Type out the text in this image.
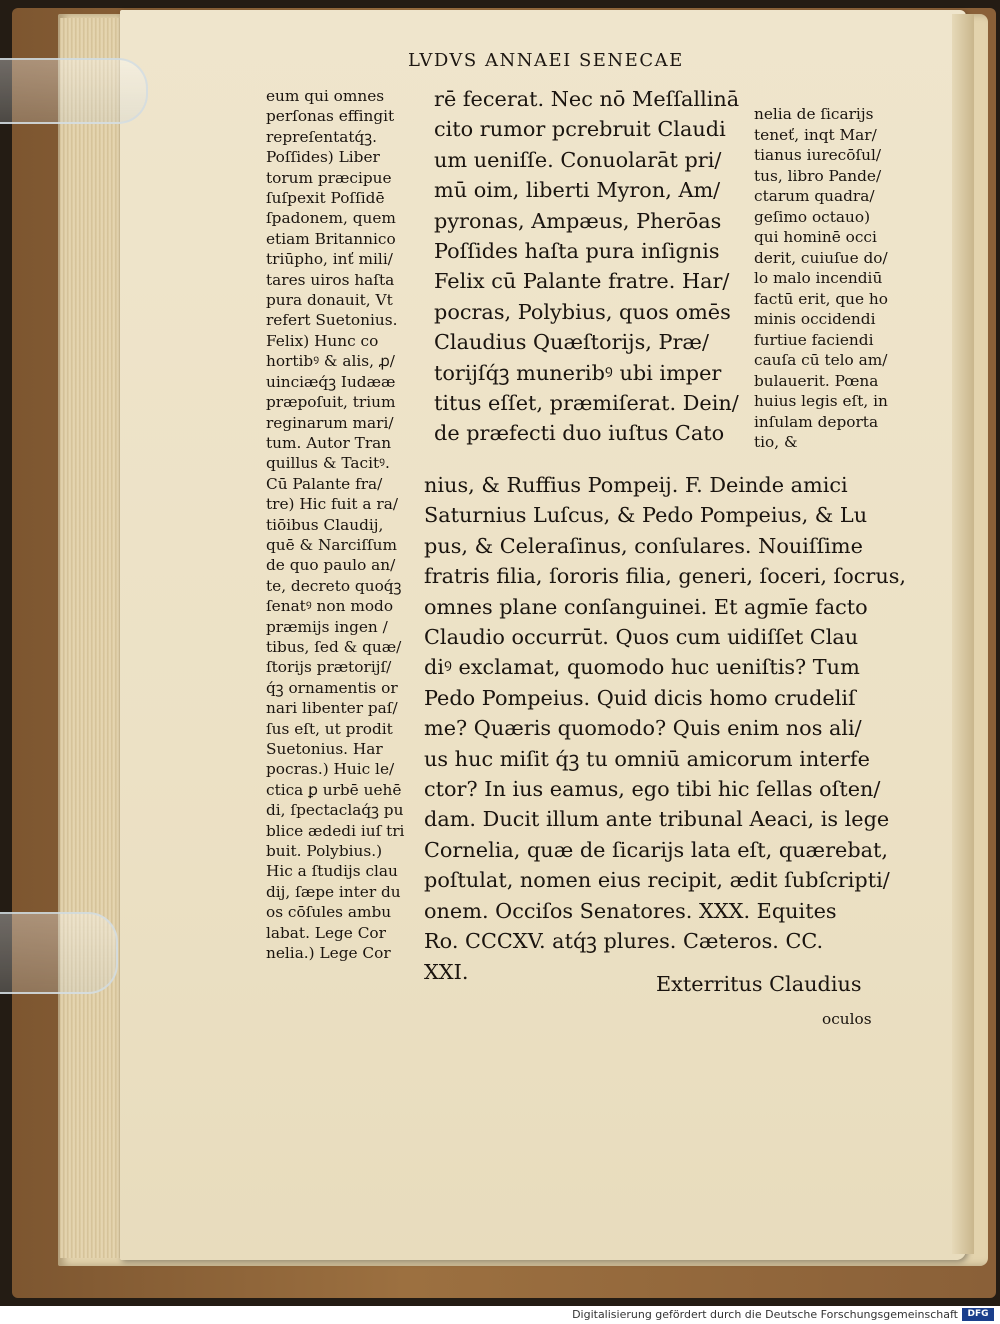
LVDVS ANNAEI SENECAE
eum qui omnes
perſonas effingit
repreſentatq́ꝫ.
Poſſides) Liber
torum præcipue
ſuſpexit Poſſidē
ſpadonem, quem
etiam Britannico
triūpho, inť mili/
tares uiros haſta
pura donauit, Vt
refert Suetonius.
Felix) Hunc co
hortibꝰ & alis, ꝓ/
uinciæq́ꝫ Iudææ
præpoſuit, trium
reginarum mari/
tum. Autor Tran
quillus & Tacitꝰ.
Cū Palante fra/
tre) Hic fuit a ra/
tiōibus Claudij,
quē & Narciſſum
de quo paulo an/
te, decreto quoq́ꝫ
ſenatꝰ non modo
præmijs ingen /
tibus, ſed & quæ/
ſtorijs prætorijſ/
q́ꝫ ornamentis or
nari libenter paſ/
ſus eſt, ut prodit
Suetonius. Har
pocras.) Huic le/
ctica ꝑ urbē uehē
di, ſpectaclaq́ꝫ pu
blice ædedi iuſ tri
buit. Polybius.)
Hic a ſtudijs clau
dij, ſæpe inter du
os cōſules ambu
labat. Lege Cor
nelia.) Lege Cor
rē fecerat. Nec nō Meſſallinā
cito rumor pcrebruit Claudi
um ueniſſe. Conuolarāt pri/
mū oim, liberti Myron, Am/
pyronas, Ampæus, Pherōas
Poſſides haſta pura inſignis
Felix cū Palante fratre. Har/
pocras, Polybius, quos omēs
Claudius Quæſtorijs, Præ/
torijſq́ꝫ muneribꝰ ubi imper
titus eſſet, præmiſerat. Dein/
de præfecti duo iuſtus Cato
nelia de ſicarijs
teneť, inqt Mar/
tianus iurecōſul/
tus, libro Pande/
ctarum quadra/
geſimo octauo)
qui hominē occi
derit, cuiuſue do/
lo malo incendiū
factū erit, que ho
minis occidendi
furtiue faciendi
cauſa cū telo am/
bulauerit. Pœna
huius legis eſt, in
inſulam deporta
tio, &
nius, & Ruffius Pompeij. F. Deinde amici
Saturnius Luſcus, & Pedo Pompeius, & Lu
pus, & Celeraſinus, conſulares. Nouiſſime
fratris filia, ſororis filia, generi, ſoceri, ſocrus,
omnes plane conſanguinei. Et agmīe facto
Claudio occurrūt. Quos cum uidiſſet Clau
diꝰ exclamat, quomodo huc ueniſtis? Tum
Pedo Pompeius. Quid dicis homo crudeliſ
me? Quæris quomodo? Quis enim nos ali/
us huc miſit q́ꝫ tu omniū amicorum interfe
ctor? In ius eamus, ego tibi hic ſellas oſten/
dam. Ducit illum ante tribunal Aeaci, is lege
Cornelia, quæ de ſicarijs lata eſt, quærebat,
poſtulat, nomen eius recipit, ædit ſubſcripti/
onem. Occiſos Senatores. XXX. Equites
Ro. CCCXV. atq́ꝫ plures. Cæteros. CC.
XXI.
Exterritus Claudius
oculos
Digitalisierung gefördert durch die Deutsche Forschungsgemeinschaft	DFG
